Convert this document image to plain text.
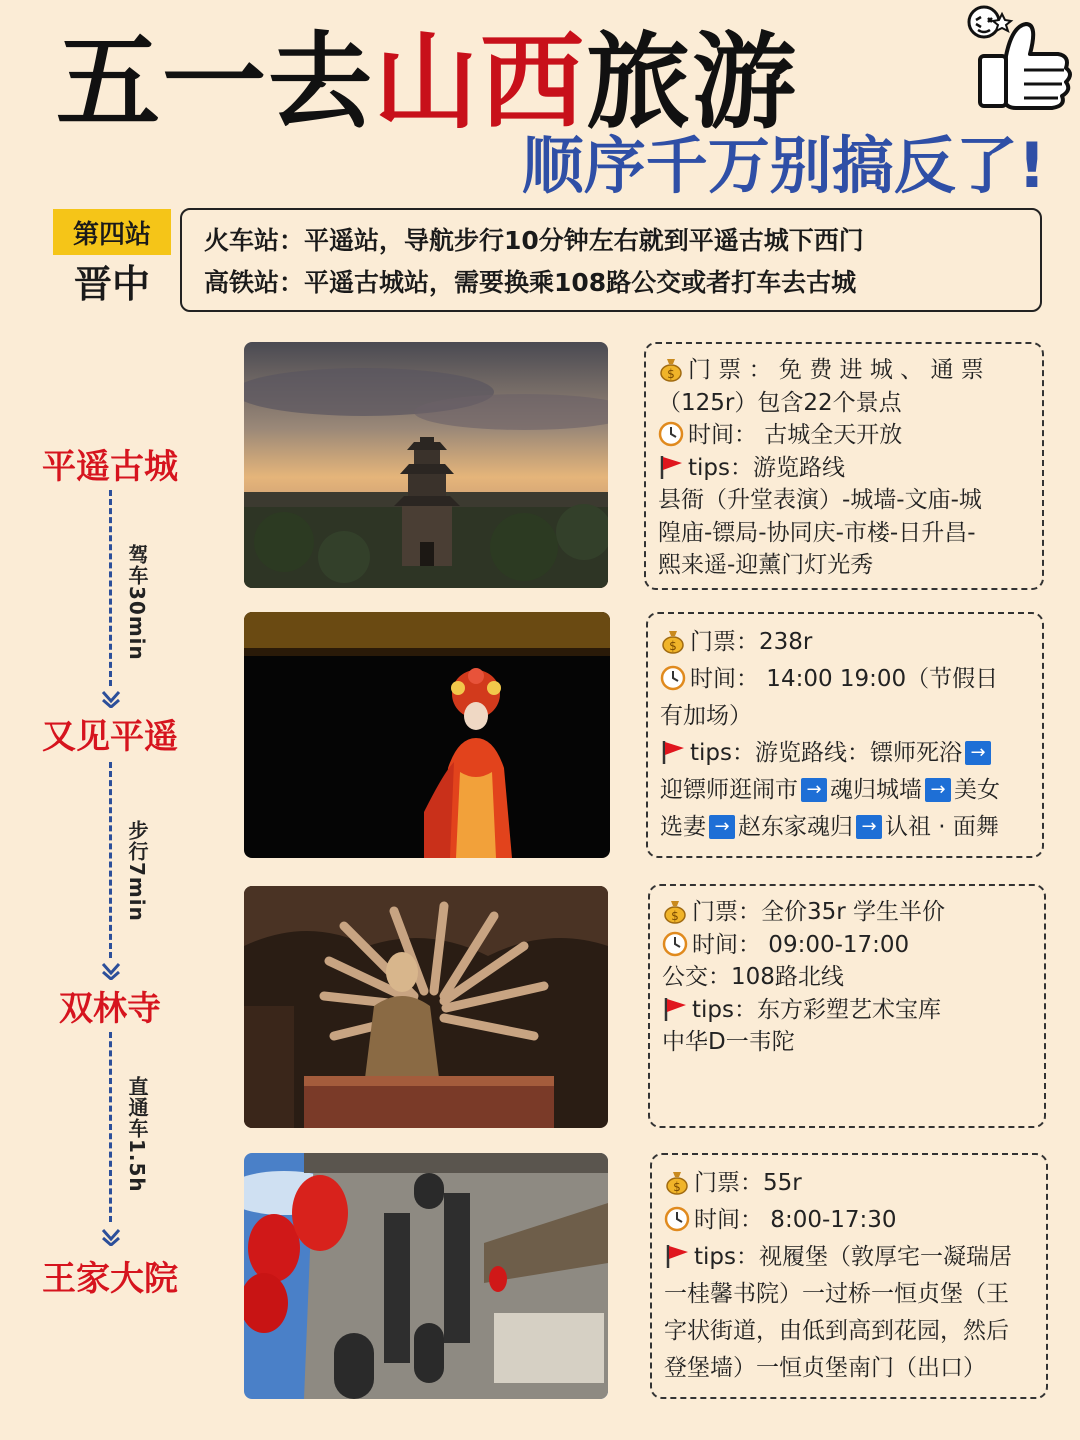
五一去山西旅游
顺序千万别搞反了!
第四站
晋中
火车站：平遥站，导航步行10分钟左右就到平遥古城下西门
高铁站：平遥古城站，需要换乘108路公交或者打车去古城
平遥古城
驾车30min
又见平遥
步行7min
双林寺
直通车1.5h
王家大院
$ 门 票 ： 免 费 进 城 、 通 票
（125r）包含22个景点
时间： 古城全天开放
tips：游览路线
县衙（升堂表演）-城墙-文庙-城
隍庙-镖局-协同庆-市楼-日升昌-
熙来遥-迎薰门灯光秀
$ 门票：238r
时间： 14:00 19:00（节假日
有加场）
tips：游览路线：镖师死浴 →
迎镖师逛闹市 → 魂归城墙 → 美女
选妻 → 赵东家魂归 → 认祖 · 面舞
$ 门票：全价35r 学生半价
时间： 09:00-17:00
公交：108路北线
tips：东方彩塑艺术宝库
中华D一韦陀
$ 门票：55r
时间： 8:00-17:30
tips：视履堡（敦厚宅一凝瑞居
一桂馨书院）一过桥一恒贞堡（王
字状街道，由低到高到花园，然后
登堡墙）一恒贞堡南门（出口）
